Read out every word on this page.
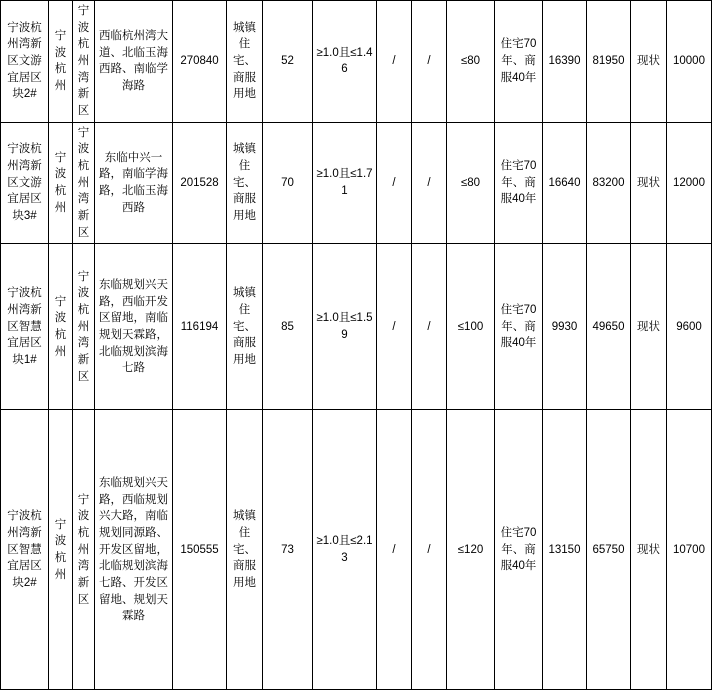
宁波杭州湾新区文游宜居区块2#	宁波杭州	宁波杭州湾新区	西临杭州湾大道、北临玉海西路、南临学海路	270840	城镇住宅、商服用地	52	≥1.0且≤1.46	/	/	≤80	住宅70年、商服40年	16390	81950	现状	10000
宁波杭州湾新区文游宜居区块3#	宁波杭州	宁波杭州湾新区	东临中兴一路，南临学海路，北临玉海西路	201528	城镇住宅、商服用地	70	≥1.0且≤1.71	/	/	≤80	住宅70年、商服40年	16640	83200	现状	12000
宁波杭州湾新区智慧宜居区块1#	宁波杭州	宁波杭州湾新区	东临规划兴天路，西临开发区留地，南临规划天霖路，北临规划滨海七路	116194	城镇住宅、商服用地	85	≥1.0且≤1.59	/	/	≤100	住宅70年、商服40年	9930	49650	现状	9600
宁波杭州湾新区智慧宜居区块2#	宁波杭州	宁波杭州湾新区	东临规划兴天路，西临规划兴大路，南临规划同源路、开发区留地，北临规划滨海七路、开发区留地、规划天霖路	150555	城镇住宅、商服用地	73	≥1.0且≤2.13	/	/	≤120	住宅70年、商服40年	13150	65750	现状	10700
